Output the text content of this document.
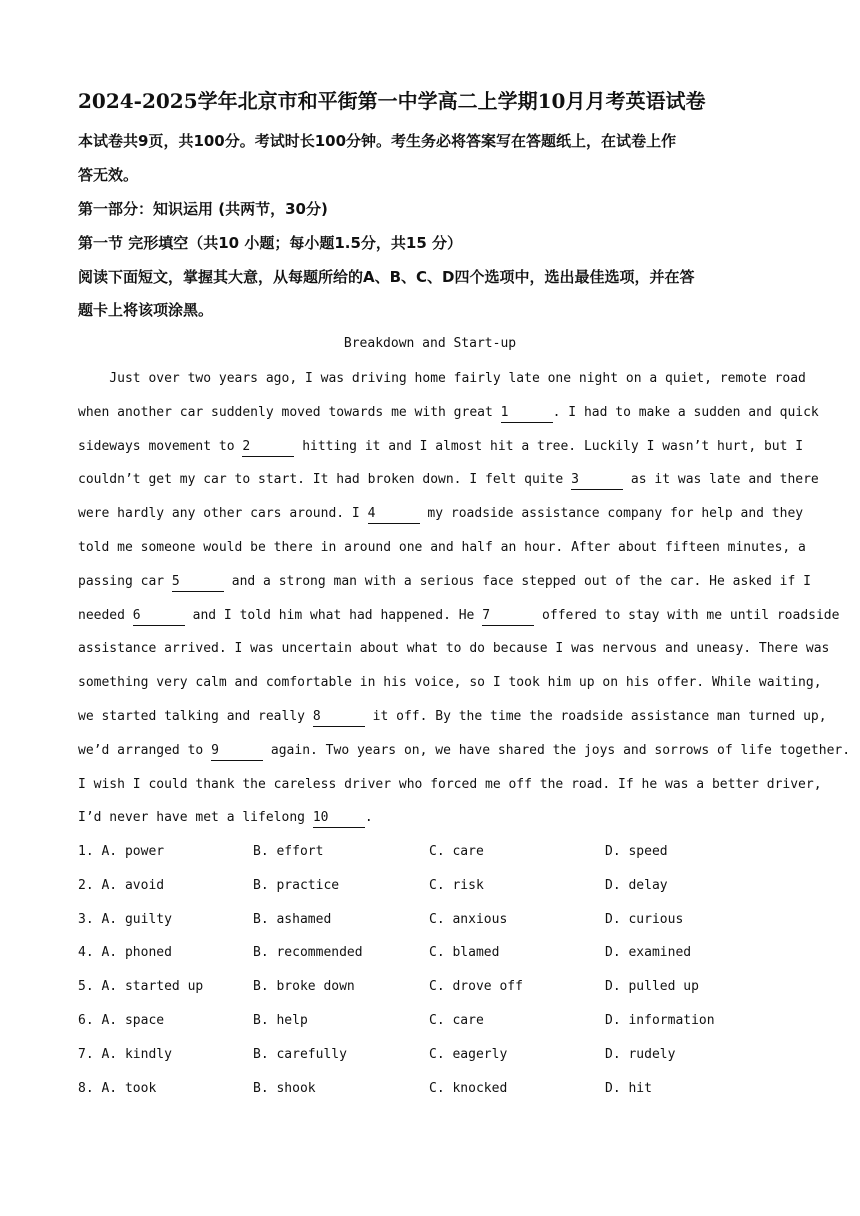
2024-2025学年北京市和平街第一中学高二上学期10月月考英语试卷
本试卷共9页，共100分。考试时长100分钟。考生务必将答案写在答题纸上，在试卷上作
答无效。
第一部分：知识运用 (共两节，30分)
第一节 完形填空（共10 小题；每小题1.5分，共15 分）
阅读下面短文，掌握其大意，从每题所给的A、B、C、D四个选项中，选出最佳选项，并在答
题卡上将该项涂黑。
Breakdown and Start-up
Just over two years ago, I was driving home fairly late one night on a quiet, remote road
when another car suddenly moved towards me with great 1	. I had to make a sudden and quick
sideways movement to 2	hitting it and I almost hit a tree. Luckily I wasn’t hurt, but I
couldn’t get my car to start. It had broken down. I felt quite 3	as it was late and there
were hardly any other cars around. I 4	my roadside assistance company for help and they
told me someone would be there in around one and half an hour. After about fifteen minutes, a
passing car 5	and a strong man with a serious face stepped out of the car. He asked if I
needed 6	and I told him what had happened. He 7	offered to stay with me until roadside
assistance arrived. I was uncertain about what to do because I was nervous and uneasy. There was
something very calm and comfortable in his voice, so I took him up on his offer. While waiting,
we started talking and really 8	it off. By the time the roadside assistance man turned up,
we’d arranged to 9	again. Two years on, we have shared the joys and sorrows of life together.
I wish I could thank the careless driver who forced me off the road. If he was a better driver,
I’d never have met a lifelong 10	.
1. A. power	B. effort	C. care	D. speed
2. A. avoid	B. practice	C. risk	D. delay
3. A. guilty	B. ashamed	C. anxious	D. curious
4. A. phoned	B. recommended	C. blamed	D. examined
5. A. started up	B. broke down	C. drove off	D. pulled up
6. A. space	B. help	C. care	D. information
7. A. kindly	B. carefully	C. eagerly	D. rudely
8. A. took	B. shook	C. knocked	D. hit
